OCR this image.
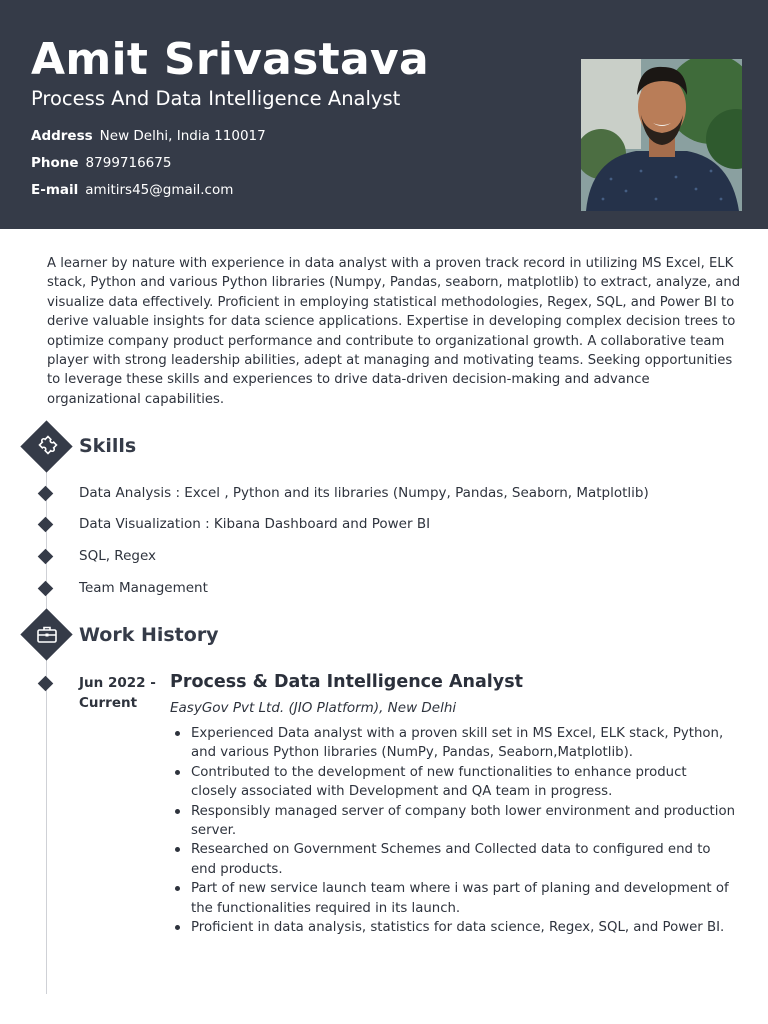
Amit Srivastava
Process And Data Intelligence Analyst
Address New Delhi, India 110017
Phone 8799716675
E-mail amitirs45@gmail.com
A learner by nature with experience in data analyst with a proven track record in utilizing MS Excel, ELK stack, Python and various Python libraries (Numpy, Pandas, seaborn, matplotlib) to extract, analyze, and visualize data effectively. Proficient in employing statistical methodologies, Regex, SQL, and Power BI to derive valuable insights for data science applications. Expertise in developing complex decision trees to optimize company product performance and contribute to organizational growth. A collaborative team player with strong leadership abilities, adept at managing and motivating teams. Seeking opportunities to leverage these skills and experiences to drive data-driven decision-making and advance organizational capabilities.
Skills
Data Analysis : Excel , Python and its libraries (Numpy, Pandas, Seaborn, Matplotlib)
Data Visualization : Kibana Dashboard and Power BI
SQL, Regex
Team Management
Work History
Jun 2022 -
Current
Process & Data Intelligence Analyst
EasyGov Pvt Ltd. (JIO Platform), New Delhi
Experienced Data analyst with a proven skill set in MS Excel, ELK stack, Python, and various Python libraries (NumPy, Pandas, Seaborn,Matplotlib).
Contributed to the development of new functionalities to enhance product closely associated with Development and QA team in progress.
Responsibly managed server of company both lower environment and production server.
Researched on Government Schemes and Collected data to configured end to end products.
Part of new service launch team where i was part of planing and development of the functionalities required in its launch.
Proficient in data analysis, statistics for data science, Regex, SQL, and Power BI.
